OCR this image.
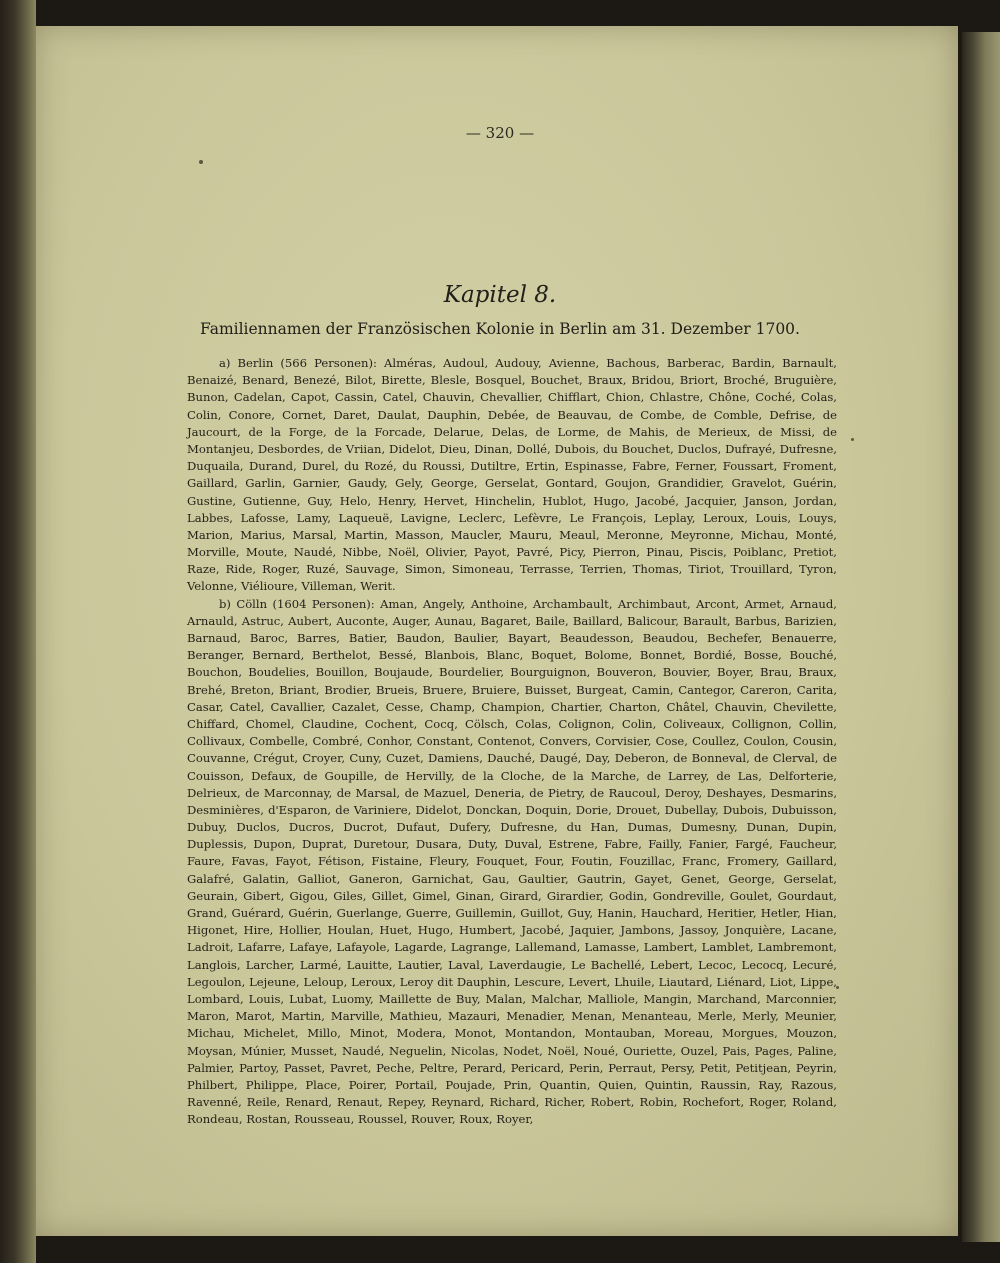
— 320 —
Kapitel 8.
Familiennamen der Französischen Kolonie in Berlin am 31. Dezember 1700.

a) Berlin (566 Personen): Alméras, Audoul, Audouy, Avienne, Bachous, Barberac, Bardin, Barnault, Benaizé, Benard, Benezé, Bilot, Birette, Blesle, Bosquel, Bouchet, Braux, Bridou, Briort, Broché, Bruguière, Bunon, Cadelan, Capot, Cassin, Catel, Chauvin, Chevallier, Chifflart, Chion, Chlastre, Chône, Coché, Colas, Colin, Conore, Cornet, Daret, Daulat, Dauphin, Debée, de Beauvau, de Combe, de Comble, Defrise, de Jaucourt, de la Forge, de la Forcade, Delarue, Delas, de Lorme, de Mahis, de Merieux, de Missi, de Montanjeu, Desbordes, de Vriian, Didelot, Dieu, Dinan, Dollé, Dubois, du Bouchet, Duclos, Dufrayé, Dufresne, Duquaila, Durand, Durel, du Rozé, du Roussi, Dutiltre, Ertin, Espinasse, Fabre, Ferner, Foussart, Froment, Gaillard, Garlin, Garnier, Gaudy, Gely, George, Gerselat, Gontard, Goujon, Grandidier, Gravelot, Guérin, Gustine, Gutienne, Guy, Helo, Henry, Hervet, Hinchelin, Hublot, Hugo, Jacobé, Jacquier, Janson, Jordan, Labbes, Lafosse, Lamy, Laqueuë, Lavigne, Leclerc, Lefèvre, Le François, Leplay, Leroux, Louis, Louys, Marion, Marius, Marsal, Martin, Masson, Maucler, Mauru, Meaul, Meronne, Meyronne, Michau, Monté, Morville, Moute, Naudé, Nibbe, Noël, Olivier, Payot, Pavré, Picy, Pierron, Pinau, Piscis, Poiblanc, Pretiot, Raze, Ride, Roger, Ruzé, Sauvage, Simon, Simoneau, Terrasse, Terrien, Thomas, Tiriot, Trouillard, Tyron, Velonne, Viélioure, Villeman, Werit.

b) Cölln (1604 Personen): Aman, Angely, Anthoine, Archambault, Archimbaut, Arcont, Armet, Arnaud, Arnauld, Astruc, Aubert, Auconte, Auger, Aunau, Bagaret, Baile, Baillard, Balicour, Barault, Barbus, Barizien, Barnaud, Baroc, Barres, Batier, Baudon, Baulier, Bayart, Beaudesson, Beaudou, Bechefer, Benauerre, Beranger, Bernard, Berthelot, Bessé, Blanbois, Blanc, Boquet, Bolome, Bonnet, Bordié, Bosse, Bouché, Bouchon, Boudelies, Bouillon, Boujaude, Bourdelier, Bourguignon, Bouveron, Bouvier, Boyer, Brau, Braux, Brehé, Breton, Briant, Brodier, Brueis, Bruere, Bruiere, Buisset, Burgeat, Camin, Cantegor, Careron, Carita, Casar, Catel, Cavallier, Cazalet, Cesse, Champ, Champion, Chartier, Charton, Châtel, Chauvin, Chevilette, Chiffard, Chomel, Claudine, Cochent, Cocq, Cölsch, Colas, Colignon, Colin, Coliveaux, Collignon, Collin, Collivaux, Combelle, Combré, Conhor, Constant, Contenot, Convers, Corvisier, Cose, Coullez, Coulon, Cousin, Couvanne, Crégut, Croyer, Cuny, Cuzet, Damiens, Dauché, Daugé, Day, Deberon, de Bonneval, de Clerval, de Couisson, Defaux, de Goupille, de Hervilly, de la Cloche, de la Marche, de Larrey, de Las, Delforterie, Delrieux, de Marconnay, de Marsal, de Mazuel, Deneria, de Pietry, de Raucoul, Deroy, Deshayes, Desmarins, Desminières, d'Esparon, de Variniere, Didelot, Donckan, Doquin, Dorie, Drouet, Dubellay, Dubois, Dubuisson, Dubuy, Duclos, Ducros, Ducrot, Dufaut, Dufery, Dufresne, du Han, Dumas, Dumesny, Dunan, Dupin, Duplessis, Dupon, Duprat, Duretour, Dusara, Duty, Duval, Estrene, Fabre, Failly, Fanier, Fargé, Faucheur, Faure, Favas, Fayot, Fétison, Fistaine, Fleury, Fouquet, Four, Foutin, Fouzillac, Franc, Fromery, Gaillard, Galafré, Galatin, Galliot, Ganeron, Garnichat, Gau, Gaultier, Gautrin, Gayet, Genet, George, Gerselat, Geurain, Gibert, Gigou, Giles, Gillet, Gimel, Ginan, Girard, Girardier, Godin, Gondreville, Goulet, Gourdaut, Grand, Guérard, Guérin, Guerlange, Guerre, Guillemin, Guillot, Guy, Hanin, Hauchard, Heritier, Hetler, Hian, Higonet, Hire, Hollier, Houlan, Huet, Hugo, Humbert, Jacobé, Jaquier, Jambons, Jassoy, Jonquière, Lacane, Ladroit, Lafarre, Lafaye, Lafayole, Lagarde, Lagrange, Lallemand, Lamasse, Lambert, Lamblet, Lambremont, Langlois, Larcher, Larmé, Lauitte, Lautier, Laval, Laverdaugie, Le Bachellé, Lebert, Lecoc, Lecocq, Lecuré, Legoulon, Lejeune, Leloup, Leroux, Leroy dit Dauphin, Lescure, Levert, Lhuile, Liautard, Liénard, Liot, Lippe, Lombard, Louis, Lubat, Luomy, Maillette de Buy, Malan, Malchar, Malliole, Mangin, Marchand, Marconnier, Maron, Marot, Martin, Marville, Mathieu, Mazauri, Menadier, Menan, Menanteau, Merle, Merly, Meunier, Michau, Michelet, Millo, Minot, Modera, Monot, Montandon, Montauban, Moreau, Morgues, Mouzon, Moysan, Múnier, Musset, Naudé, Neguelin, Nicolas, Nodet, Noël, Noué, Ouriette, Ouzel, Pais, Pages, Paline, Palmier, Partoy, Passet, Pavret, Peche, Peltre, Perard, Pericard, Perin, Perraut, Persy, Petit, Petitjean, Peyrin, Philbert, Philippe, Place, Poirer, Portail, Poujade, Prin, Quantin, Quien, Quintin, Raussin, Ray, Razous, Ravenné, Reile, Renard, Renaut, Repey, Reynard, Richard, Richer, Robert, Robin, Rochefort, Roger, Roland, Rondeau, Rostan, Rousseau, Roussel, Rouver, Roux, Royer,
